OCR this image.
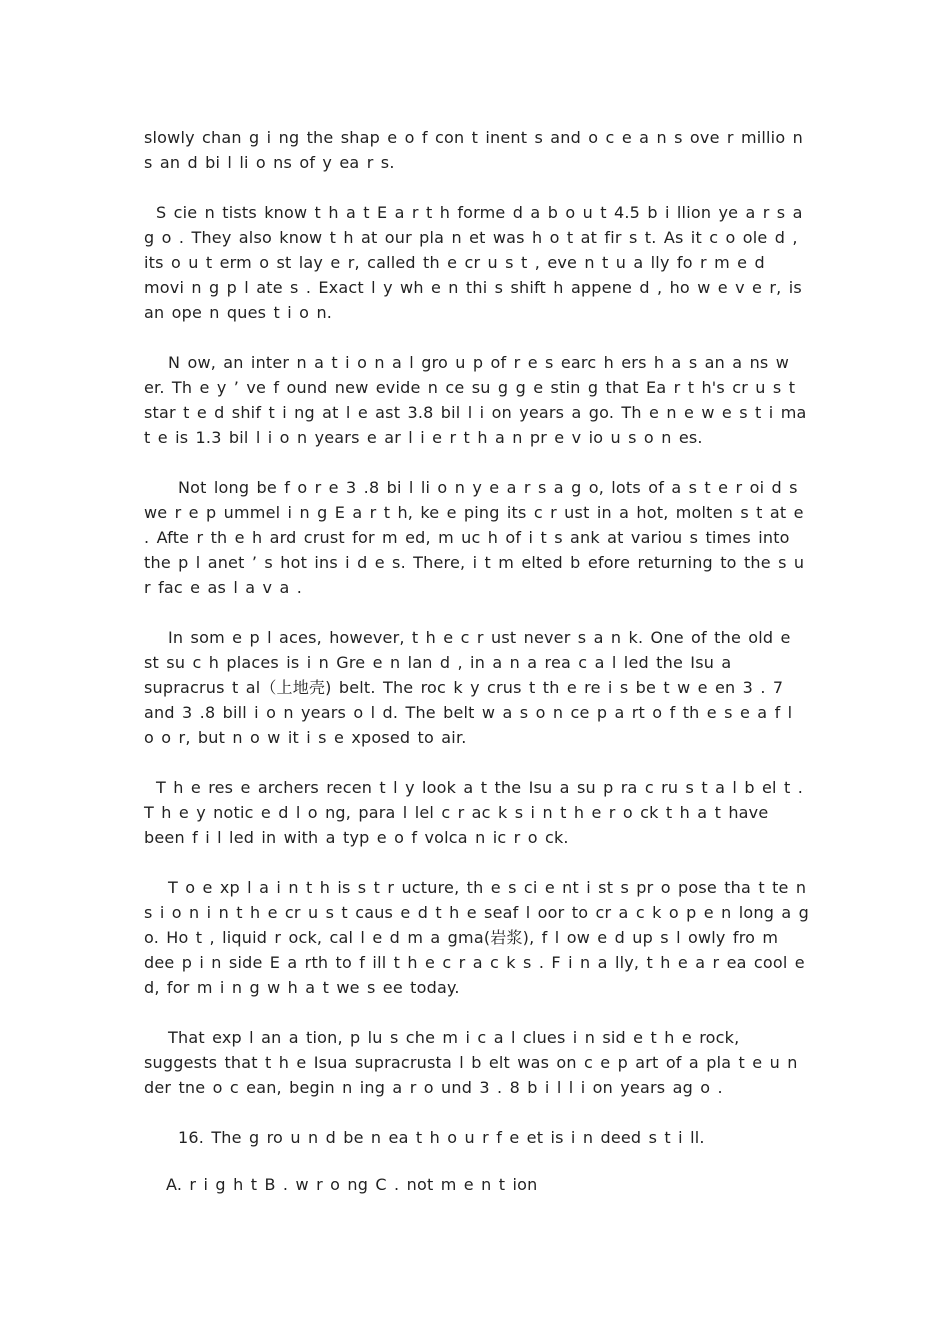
slowly chan g i ng the shap e o f con t inent s and o c e a n s ove r millio n s an d bi l li o ns of y ea r s.

S cie n tists know t h a t E a r t h forme d a b o u t 4.5 b i llion ye a r s a g o . They also know t h at our pla n et was h o t at fir s t. As it c o ole d , its o u t erm o st lay e r, called th e cr u s t , eve n t u a lly fo r m e d movi n g p l ate s . Exact l y wh e n thi s shift h appene d , ho w e v e r, is an ope n ques t i o n.

N ow, an inter n a t i o n a l gro u p of r e s earc h ers h a s an a ns w er. Th e y ’ ve f ound new evide n ce su g g e stin g that Ea r t h's cr u s t star t e d shif t i ng at l e ast 3.8 bil l i on years a go. Th e n e w e s t i ma t e is 1.3 bil l i o n years e ar l i e r t h a n pr e v io u s o n es.

Not long be f o r e 3 .8 bi l li o n y e a r s a g o, lots of a s t e r oi d s we r e p ummel i n g E a r t h, ke e ping its c r ust in a hot, molten s t at e . Afte r th e h ard crust for m ed, m uc h of i t s ank at variou s times into the p l anet ’ s hot ins i d e s. There, i t m elted b efore returning to the s u r fac e as l a v a .

In som e p l aces, however, t h e c r ust never s a n k. One of the old e st su c h places is i n Gre e n lan d , in a n a rea c a l led the Isu a supracrus t al（上地壳) belt. The roc k y crus t th e re i s be t w e en 3 . 7 and 3 .8 bill i o n years o l d. The belt w a s o n ce p a rt o f th e s e a f l o o r, but n o w it i s e xposed to air.

T h e res e archers recen t l y look a t the Isu a su p ra c ru s t a l b el t . T h e y notic e d l o ng, para l lel c r ac k s i n t h e r o ck t h a t have been f i l led in with a typ e o f volca n ic r o ck.

T o e xp l a i n t h is s t r ucture, th e s ci e nt i st s pr o pose tha t te n s i o n i n t h e cr u s t caus e d t h e seaf l oor to cr a c k o p e n long a g o. Ho t , liquid r ock, cal l e d m a gma(岩浆), f l ow e d up s l owly fro m dee p i n side E a rth to f ill t h e c r a c k s . F i n a lly, t h e a r ea cool e d, for m i n g w h a t we s ee today.

That exp l an a tion, p lu s che m i c a l clues i n sid e t h e rock, suggests that t h e Isua supracrusta l b elt was on c e p art of a pla t e u n der tne o c ean, begin n ing a r o und 3 . 8 b i l l i on years ag o .

16. The g ro u n d be n ea t h o u r f e et is i n deed s t i ll.

A. r i g h t B . w r o ng C . not m e n t ion
